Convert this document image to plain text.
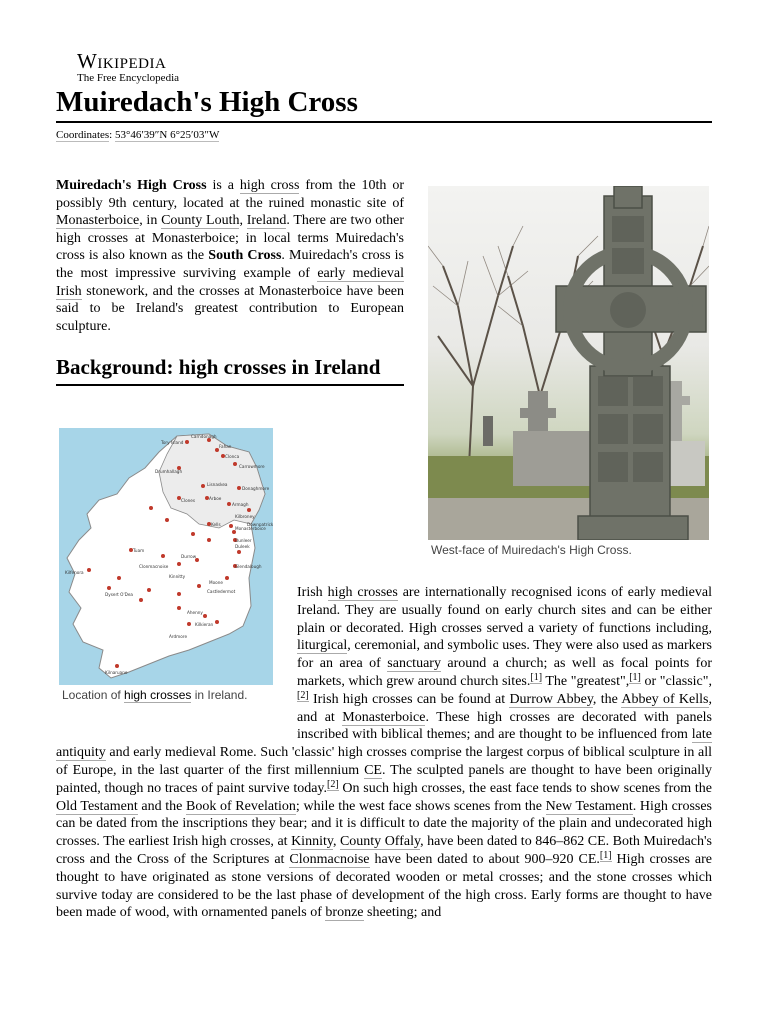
Wikipedia
The Free Encyclopedia
Muiredach's High Cross
Coordinates: 53°46′39″N 6°25′03″W

Muiredach's High Cross is a high cross from the 10th or possibly 9th century, located at the ruined monastic site of Monasterboice, in County Louth, Ireland. There are two other high crosses at Monasterboice; in local terms Muiredach's cross is also known as the South Cross. Muiredach's cross is the most impressive surviving example of early medieval Irish stonework, and the crosses at Monasterboice have been said to be Ireland's greatest contribution to European sculpture.

Background: high crosses in Ireland
West-face of Muiredach's High Cross.
Tory Island
Carndonagh
Fahan
Clonca
Carrowmore
Drumhallagh
Lisnaskea
Donaghmore
Arboe
Armagh
Kilbroney
Downpatrick
Clones
Kells
Monasterboice
Dunleer
Duleek
Tuam
Clonmacnoise
Durrow
Kinnitty
Glendalough
Moone
Castledermot
Kilfenora
Dysert O'Dea
Ahenny
Kilkieran
Ardmore
Kilnaruane
Location of high crosses in Ireland.

Irish high crosses are internationally recognised icons of early medieval Ireland. They are usually found on early church sites and can be either plain or decorated. High crosses served a variety of functions including, liturgical, ceremonial, and symbolic uses. They were also used as markers for an area of sanctuary around a church; as well as focal points for markets, which grew around church sites.[1] The "greatest",[1] or "classic",[2] Irish high crosses can be found at Durrow Abbey, the Abbey of Kells, and at Monasterboice. These high crosses are decorated with panels inscribed with biblical themes; and are thought to be influenced from late antiquity and early medieval Rome. Such 'classic' high crosses comprise the largest corpus of biblical sculpture in all of Europe, in the last quarter of the first millennium CE. The sculpted panels are thought to have been originally painted, though no traces of paint survive today.[2] On such high crosses, the east face tends to show scenes from the Old Testament and the Book of Revelation; while the west face shows scenes from the New Testament. High crosses can be dated from the inscriptions they bear; and it is difficult to date the majority of the plain and undecorated high crosses. The earliest Irish high crosses, at Kinnity, County Offaly, have been dated to 846–862 CE. Both Muiredach's cross and the Cross of the Scriptures at Clonmacnoise have been dated to about 900–920 CE.[1] High crosses are thought to have originated as stone versions of decorated wooden or metal crosses; and the stone crosses which survive today are considered to be the last phase of development of the high cross. Early forms are thought to have been made of wood, with ornamented panels of bronze sheeting; and
